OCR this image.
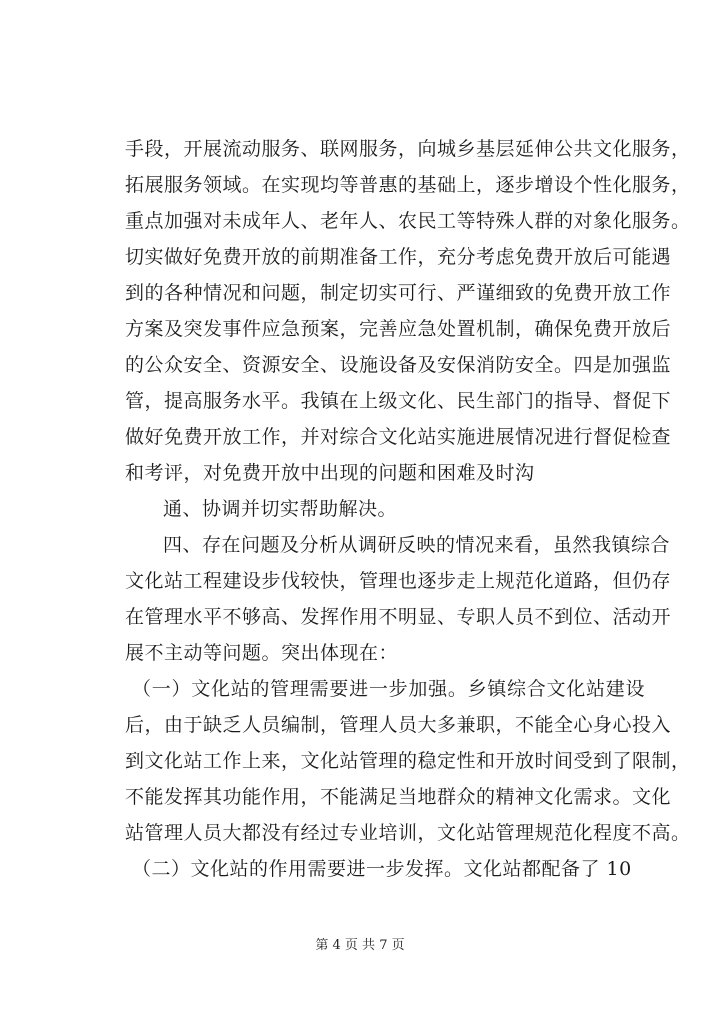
手段，开展流动服务、联网服务，向城乡基层延伸公共文化服务，
拓展服务领域。在实现均等普惠的基础上，逐步增设个性化服务，
重点加强对未成年人、老年人、农民工等特殊人群的对象化服务。
切实做好免费开放的前期准备工作，充分考虑免费开放后可能遇
到的各种情况和问题，制定切实可行、严谨细致的免费开放工作
方案及突发事件应急预案，完善应急处置机制，确保免费开放后
的公众安全、资源安全、设施设备及安保消防安全。四是加强监
管，提高服务水平。我镇在上级文化、民生部门的指导、督促下
做好免费开放工作，并对综合文化站实施进展情况进行督促检查
和考评，对免费开放中出现的问题和困难及时沟
通、协调并切实帮助解决。
四、存在问题及分析从调研反映的情况来看，虽然我镇综合
文化站工程建设步伐较快，管理也逐步走上规范化道路，但仍存
在管理水平不够高、发挥作用不明显、专职人员不到位、活动开
展不主动等问题。突出体现在：
（一）文化站的管理需要进一步加强。乡镇综合文化站建设
后，由于缺乏人员编制，管理人员大多兼职，不能全心身心投入
到文化站工作上来，文化站管理的稳定性和开放时间受到了限制，
不能发挥其功能作用，不能满足当地群众的精神文化需求。文化
站管理人员大都没有经过专业培训，文化站管理规范化程度不高。
（二）文化站的作用需要进一步发挥。文化站都配备了 10
第 4 页 共 7 页
